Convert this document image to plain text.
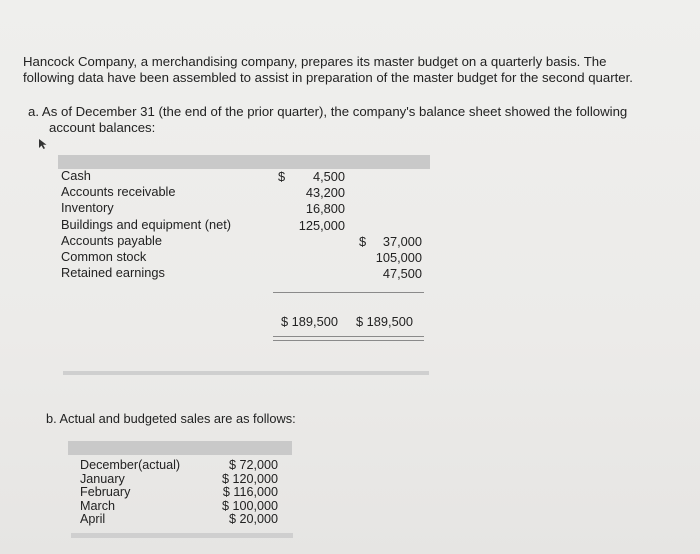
Hancock Company, a merchandising company, prepares its master budget on a quarterly basis. The
following data have been assembled to assist in preparation of the master budget for the second quarter.
a. As of December 31 (the end of the prior quarter), the company's balance sheet showed the following
account balances:
Cash
Accounts receivable
Inventory
Buildings and equipment (net)
Accounts payable
Common stock
Retained earnings
$ 4,500
43,200
16,800
125,000
$ 37,000
105,000
47,500
$ 189,500 $ 189,500
b. Actual and budgeted sales are as follows:
December(actual)
January
February
March
April
$ 72,000
$ 120,000
$ 116,000
$ 100,000
$ 20,000
